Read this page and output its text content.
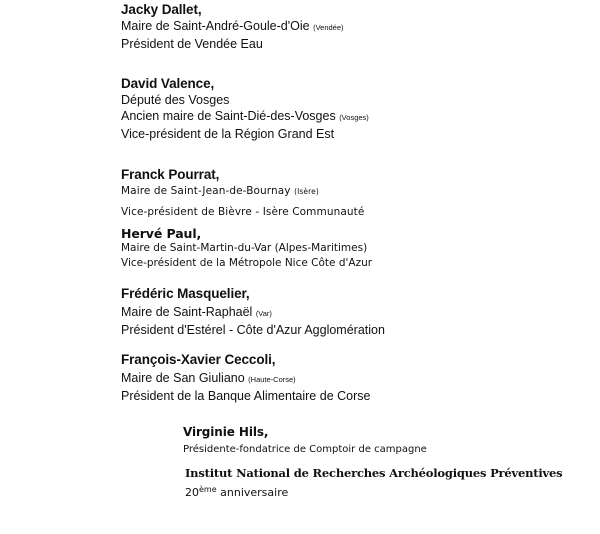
Jacky Dallet,
Maire de Saint-André-Goule-d'Oie (Vendée)
Président de Vendée Eau
David Valence,
Député des Vosges
Ancien maire de Saint-Dié-des-Vosges (Vosges)
Vice-président de la Région Grand Est
Franck Pourrat,
Maire de Saint-Jean-de-Bournay (Isère)
Vice-président de Bièvre - Isère Communauté
Hervé Paul,
Maire de Saint-Martin-du-Var (Alpes-Maritimes)
Vice-président de la Métropole Nice Côte d'Azur
Frédéric Masquelier,
Maire de Saint-Raphaël (Var)
Président d'Estérel - Côte d'Azur Agglomération
François-Xavier Ceccoli,
Maire de San Giuliano (Haute-Corse)
Président de la Banque Alimentaire de Corse
Virginie Hils,
Présidente-fondatrice de Comptoir de campagne
Institut National de Recherches Archéologiques Préventives
20ème anniversaire
